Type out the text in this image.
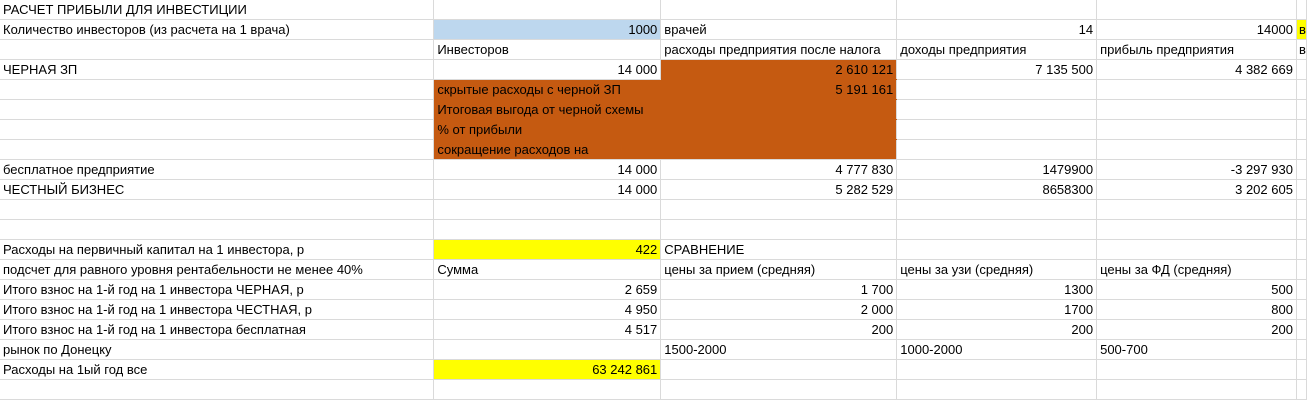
РАСЧЕТ ПРИБЫЛИ ДЛЯ ИНВЕСТИЦИИ					
Количество инвесторов (из расчета на 1 врача)	1000	врачей	14	14000	в
	Инвесторов	расходы предприятия после налога	доходы предприятия	прибыль предприятия	в
ЧЕРНАЯ ЗП	14 000	2 610 121	7 135 500	4 382 669	
	скрытые расходы с черной ЗП	5 191 161			
	Итоговая выгода от черной схемы				
	% от прибыли				
	сокращение расходов на				
бесплатное предприятие	14 000	4 777 830	1479900	-3 297 930	
ЧЕСТНЫЙ БИЗНЕС	14 000	5 282 529	8658300	3 202 605	

Расходы на первичный капитал на 1 инвестора, р	422	СРАВНЕНИЕ			
подсчет для равного уровня рентабельности не менее 40%	Сумма	цены за прием (средняя)	цены за узи (средняя)	цены за ФД (средняя)	
Итого взнос на 1-й год на 1 инвестора ЧЕРНАЯ, р	2 659	1 700	1300	500	
Итого взнос на 1-й год на 1 инвестора ЧЕСТНАЯ, р	4 950	2 000	1700	800	
Итого взнос на 1-й год на 1 инвестора бесплатная	4 517	200	200	200	
рынок по Донецку		1500-2000	1000-2000	500-700	
Расходы на 1ый год все	63 242 861				
